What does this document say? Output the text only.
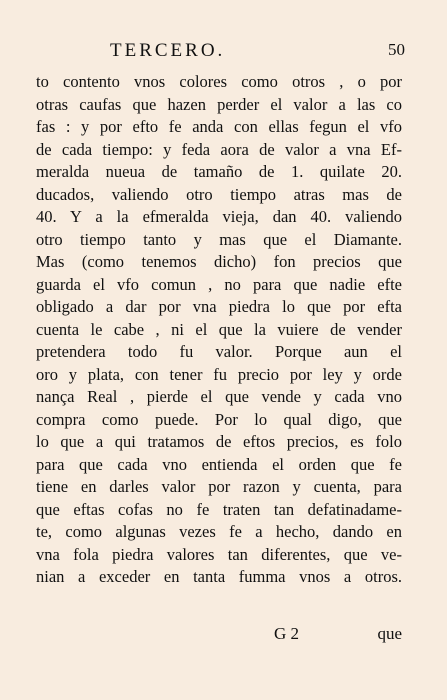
TERCERO.	50
to contento vnos colores como otros , o por
otras caufas que hazen perder el valor a las co
fas : y por efto fe anda con ellas fegun el vfo
de cada tiempo: y feda aora de valor a vna Ef-
meralda nueua de tamaño de 1. quilate 20.
ducados, valiendo otro tiempo atras mas de
40. Y a la efmeralda vieja, dan 40. valiendo
otro tiempo tanto y mas que el Diamante.
Mas (como tenemos dicho) fon precios que
guarda el vfo comun , no para que nadie efte
obligado a dar por vna piedra lo que por efta
cuenta le cabe , ni el que la vuiere de vender
pretendera todo fu valor. Porque aun el
oro y plata, con tener fu precio por ley y orde
nança Real , pierde el que vende y cada vno
compra como puede. Por lo qual digo, que
lo que a qui tratamos de eftos precios, es folo
para que cada vno entienda el orden que fe
tiene en darles valor por razon y cuenta, para
que eftas cofas no fe traten tan defatinadame-
te, como algunas vezes fe a hecho, dando en
vna fola piedra valores tan diferentes, que ve-
nian a exceder en tanta fumma vnos a otros.
G 2	que
